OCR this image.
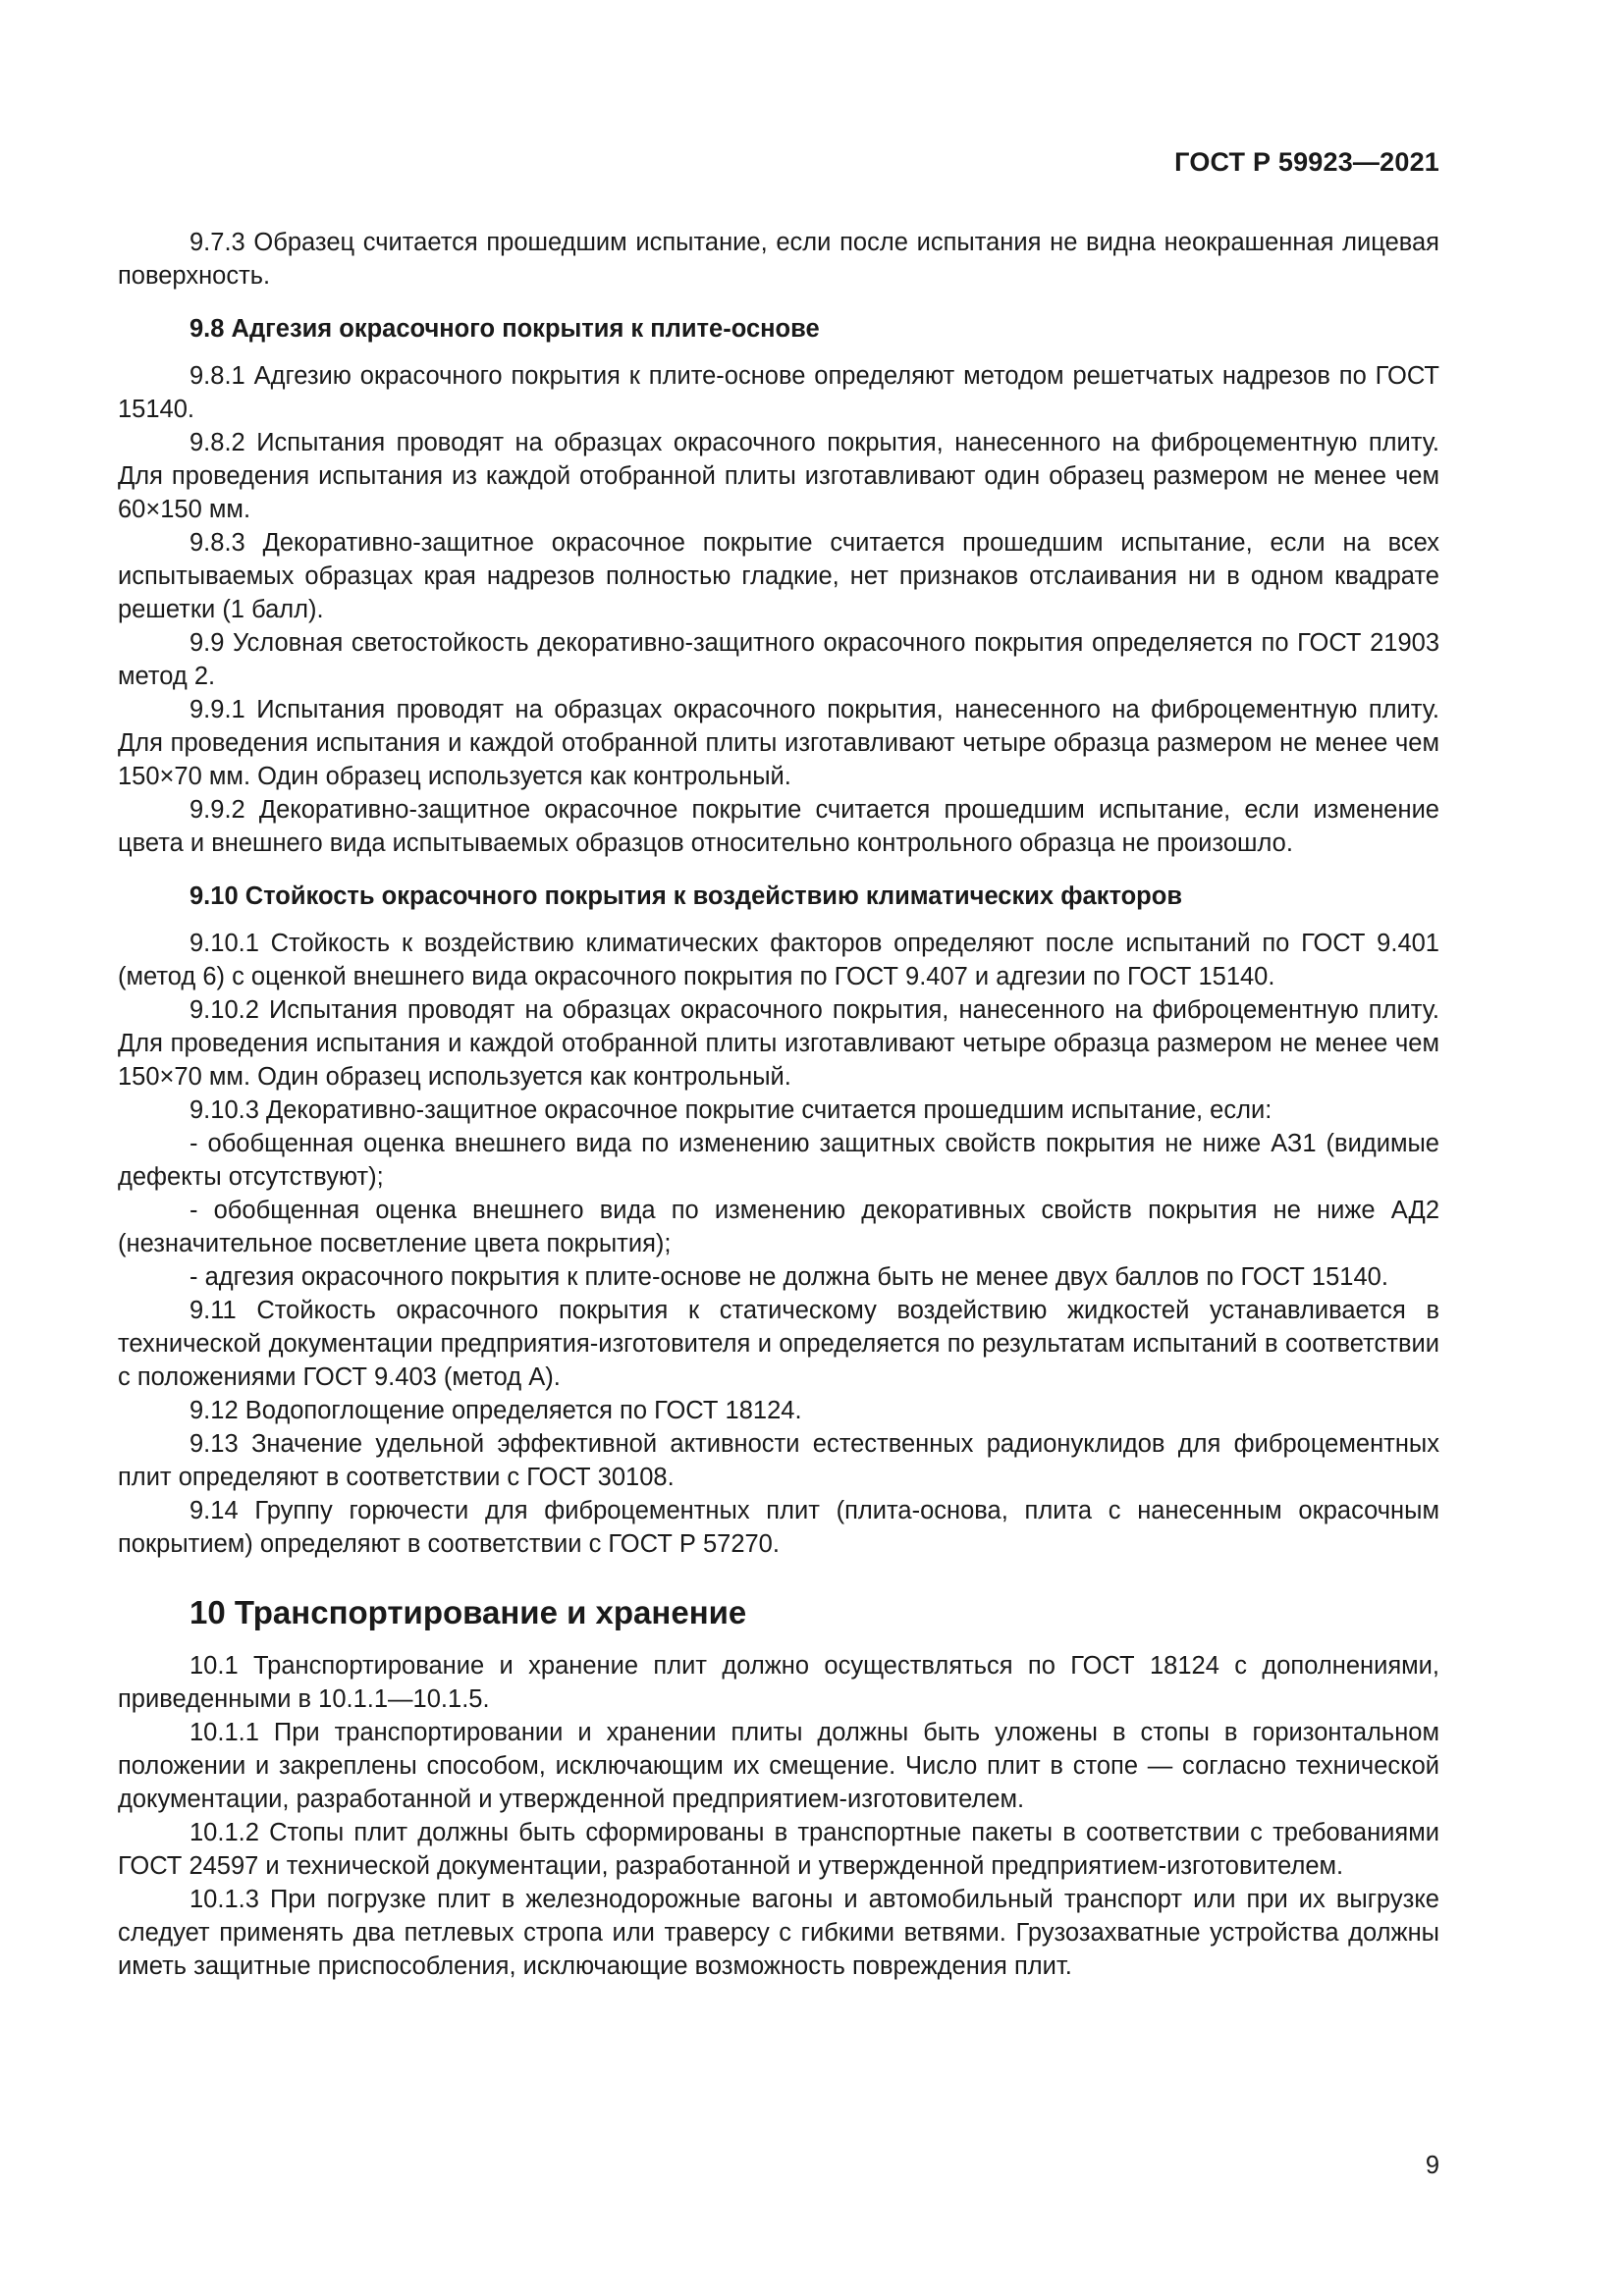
ГОСТ Р 59923—2021

9.7.3 Образец считается прошедшим испытание, если после испытания не видна неокрашенная лицевая поверхность.

9.8 Адгезия окрасочного покрытия к плите-основе

9.8.1 Адгезию окрасочного покрытия к плите-основе определяют методом решетчатых надрезов по ГОСТ 15140.

9.8.2 Испытания проводят на образцах окрасочного покрытия, нанесенного на фиброцементную плиту. Для проведения испытания из каждой отобранной плиты изготавливают один образец размером не менее чем 60×150 мм.

9.8.3 Декоративно-защитное окрасочное покрытие считается прошедшим испытание, если на всех испытываемых образцах края надрезов полностью гладкие, нет признаков отслаивания ни в одном квадрате решетки (1 балл).

9.9 Условная светостойкость декоративно-защитного окрасочного покрытия определяется по ГОСТ 21903 метод 2.

9.9.1 Испытания проводят на образцах окрасочного покрытия, нанесенного на фиброцементную плиту. Для проведения испытания и каждой отобранной плиты изготавливают четыре образца размером не менее чем 150×70 мм. Один образец используется как контрольный.

9.9.2 Декоративно-защитное окрасочное покрытие считается прошедшим испытание, если изменение цвета и внешнего вида испытываемых образцов относительно контрольного образца не произошло.

9.10 Стойкость окрасочного покрытия к воздействию климатических факторов

9.10.1 Стойкость к воздействию климатических факторов определяют после испытаний по ГОСТ 9.401 (метод 6) с оценкой внешнего вида окрасочного покрытия по ГОСТ 9.407 и адгезии по ГОСТ 15140.

9.10.2 Испытания проводят на образцах окрасочного покрытия, нанесенного на фиброцементную плиту. Для проведения испытания и каждой отобранной плиты изготавливают четыре образца размером не менее чем 150×70 мм. Один образец используется как контрольный.

9.10.3 Декоративно-защитное окрасочное покрытие считается прошедшим испытание, если:

- обобщенная оценка внешнего вида по изменению защитных свойств покрытия не ниже АЗ1 (видимые дефекты отсутствуют);

- обобщенная оценка внешнего вида по изменению декоративных свойств покрытия не ниже АД2 (незначительное посветление цвета покрытия);

- адгезия окрасочного покрытия к плите-основе не должна быть не менее двух баллов по ГОСТ 15140.

9.11 Стойкость окрасочного покрытия к статическому воздействию жидкостей устанавливается в технической документации предприятия-изготовителя и определяется по результатам испытаний в соответствии с положениями ГОСТ 9.403 (метод А).

9.12 Водопоглощение определяется по ГОСТ 18124.

9.13 Значение удельной эффективной активности естественных радионуклидов для фиброцементных плит определяют в соответствии с ГОСТ 30108.

9.14 Группу горючести для фиброцементных плит (плита-основа, плита с нанесенным окрасочным покрытием) определяют в соответствии с ГОСТ Р 57270.

10 Транспортирование и хранение

10.1 Транспортирование и хранение плит должно осуществляться по ГОСТ 18124 с дополнениями, приведенными в 10.1.1—10.1.5.

10.1.1 При транспортировании и хранении плиты должны быть уложены в стопы в горизонтальном положении и закреплены способом, исключающим их смещение. Число плит в стопе — согласно технической документации, разработанной и утвержденной предприятием-изготовителем.

10.1.2 Стопы плит должны быть сформированы в транспортные пакеты в соответствии с требованиями ГОСТ 24597 и технической документации, разработанной и утвержденной предприятием-изготовителем.

10.1.3 При погрузке плит в железнодорожные вагоны и автомобильный транспорт или при их выгрузке следует применять два петлевых стропа или траверсу с гибкими ветвями. Грузозахватные устройства должны иметь защитные приспособления, исключающие возможность повреждения плит.

9
